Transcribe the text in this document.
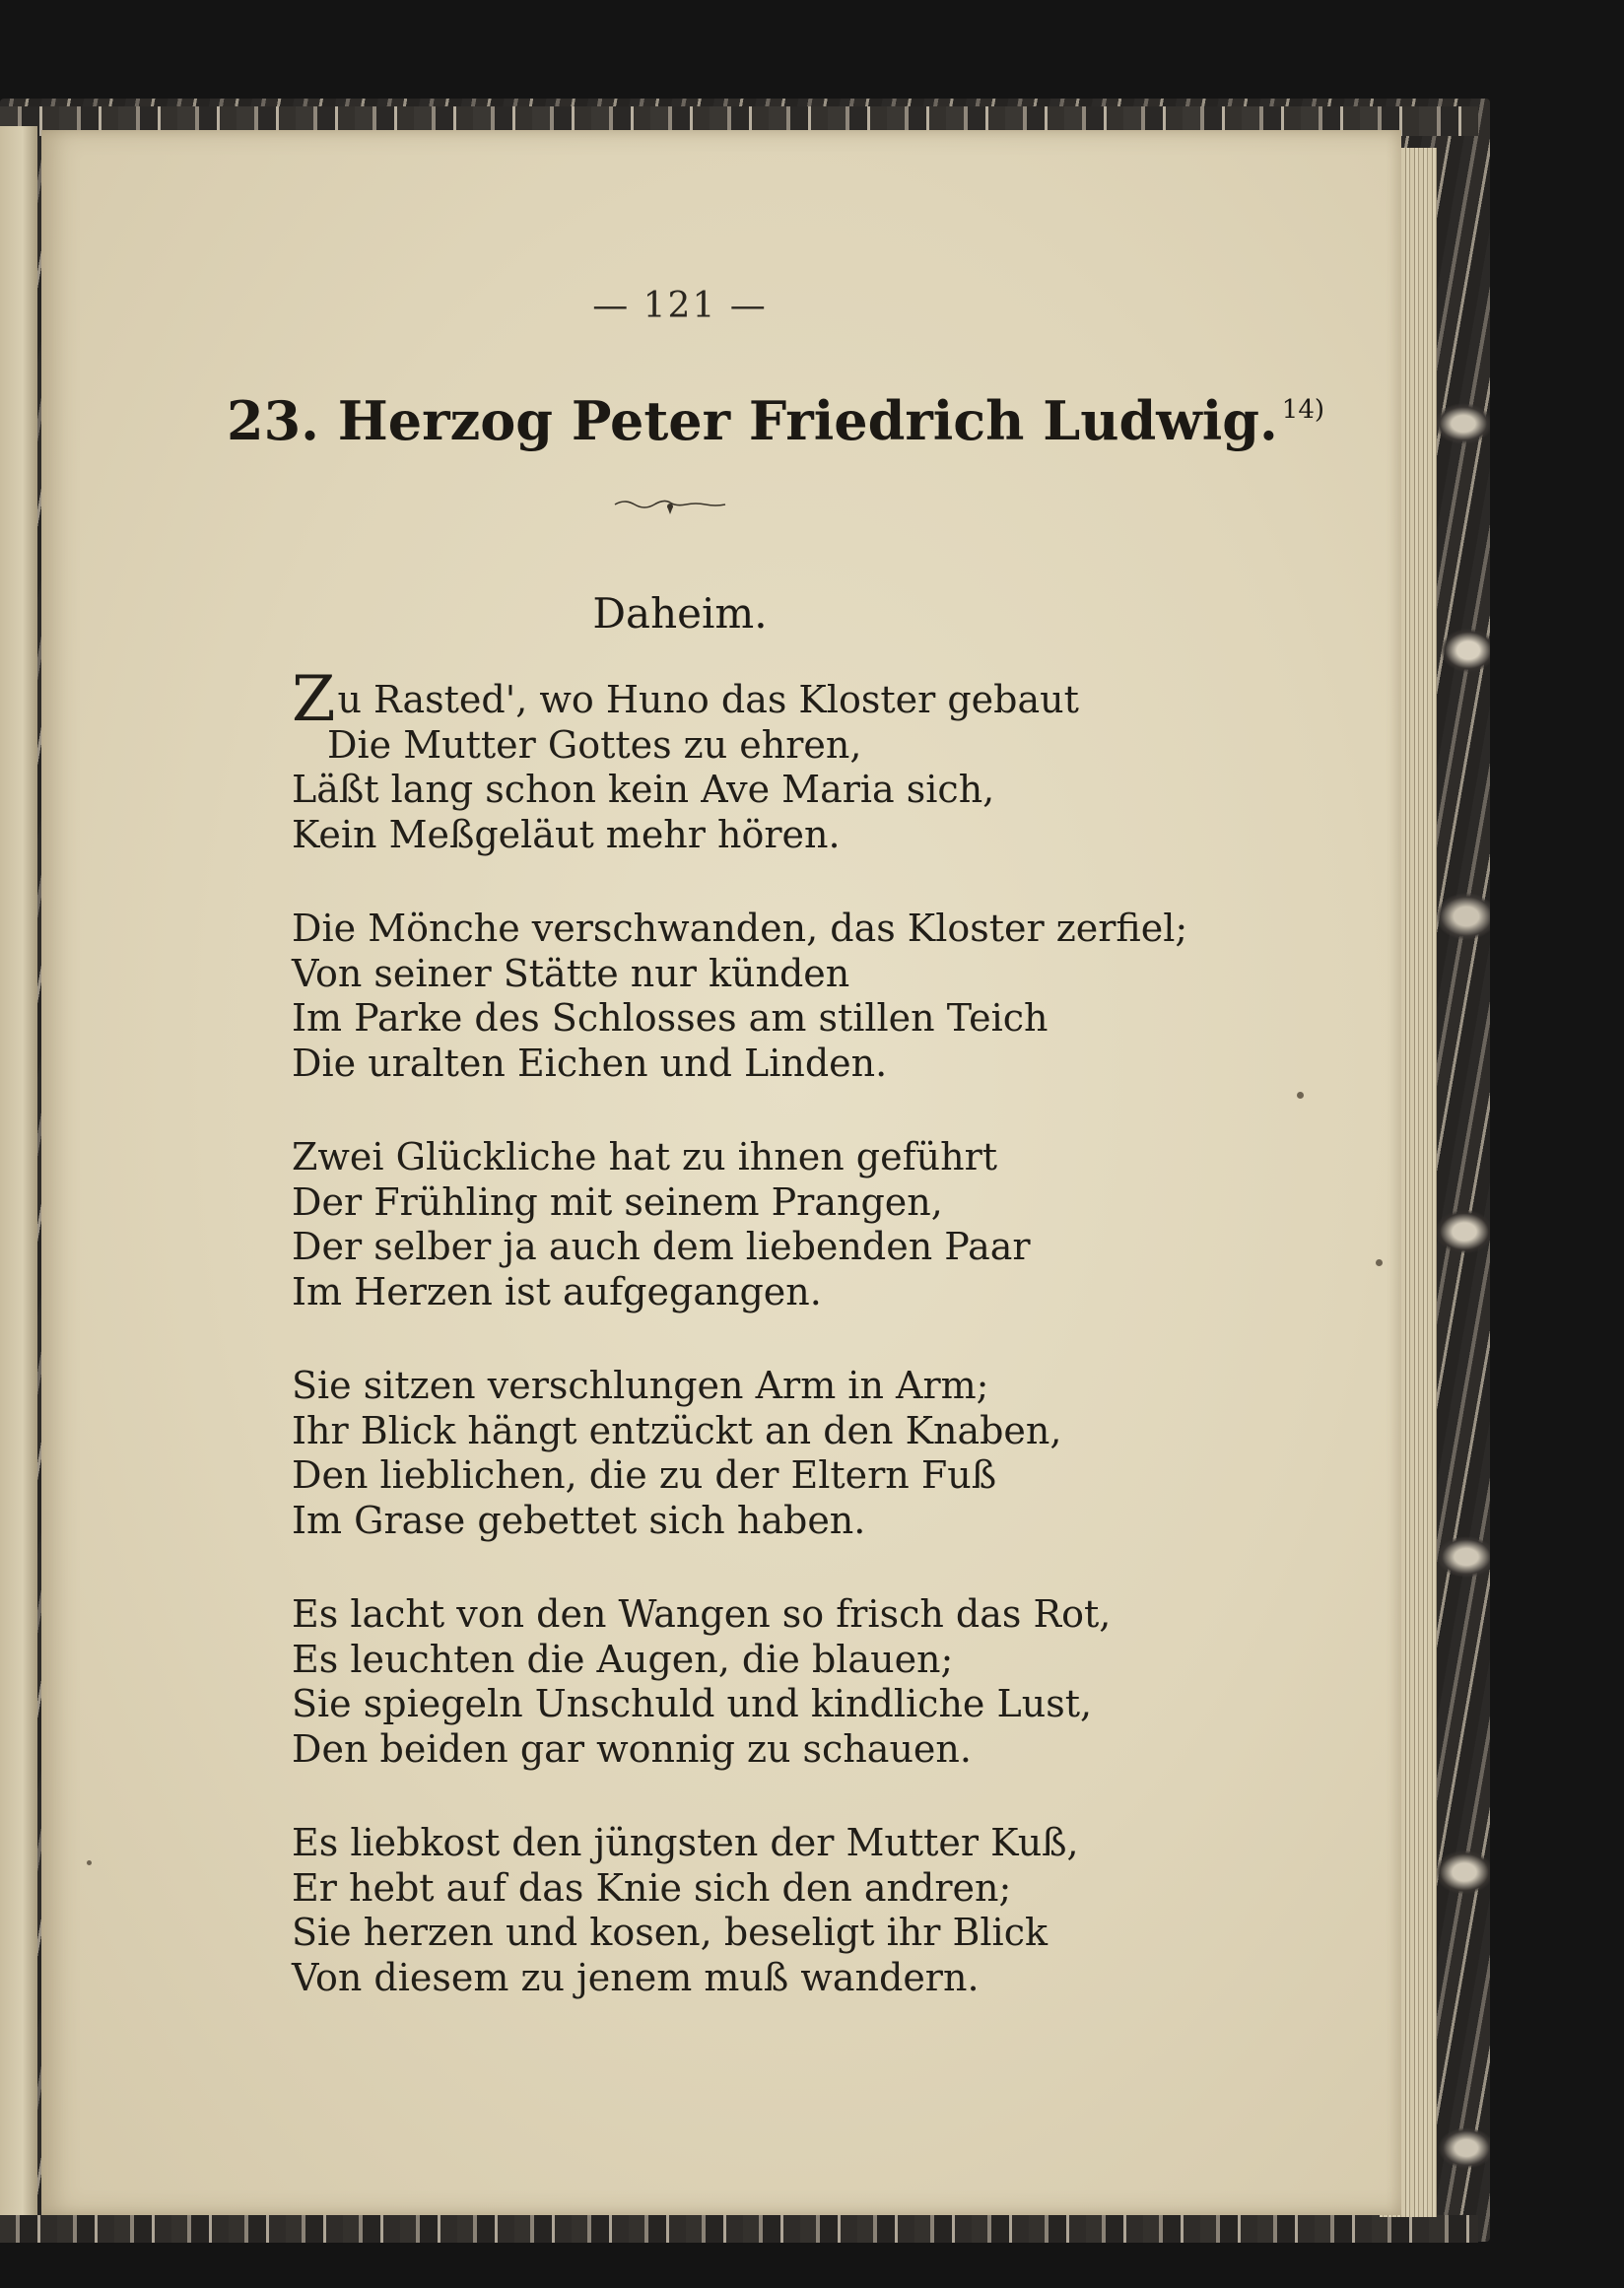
— 121 —
23. Herzog Peter Friedrich Ludwig. $^{14)}$
Daheim.
Zu Rasted', wo Huno das Kloster gebaut
Die Mutter Gottes zu ehren,
Läßt lang schon kein Ave Maria sich,
Kein Meßgeläut mehr hören.
Die Mönche verschwanden, das Kloster zerfiel;
Von seiner Stätte nur künden
Im Parke des Schlosses am stillen Teich
Die uralten Eichen und Linden.
Zwei Glückliche hat zu ihnen geführt
Der Frühling mit seinem Prangen,
Der selber ja auch dem liebenden Paar
Im Herzen ist aufgegangen.
Sie sitzen verschlungen Arm in Arm;
Ihr Blick hängt entzückt an den Knaben,
Den lieblichen, die zu der Eltern Fuß
Im Grase gebettet sich haben.
Es lacht von den Wangen so frisch das Rot,
Es leuchten die Augen, die blauen;
Sie spiegeln Unschuld und kindliche Lust,
Den beiden gar wonnig zu schauen.
Es liebkost den jüngsten der Mutter Kuß,
Er hebt auf das Knie sich den andren;
Sie herzen und kosen, beseligt ihr Blick
Von diesem zu jenem muß wandern.
